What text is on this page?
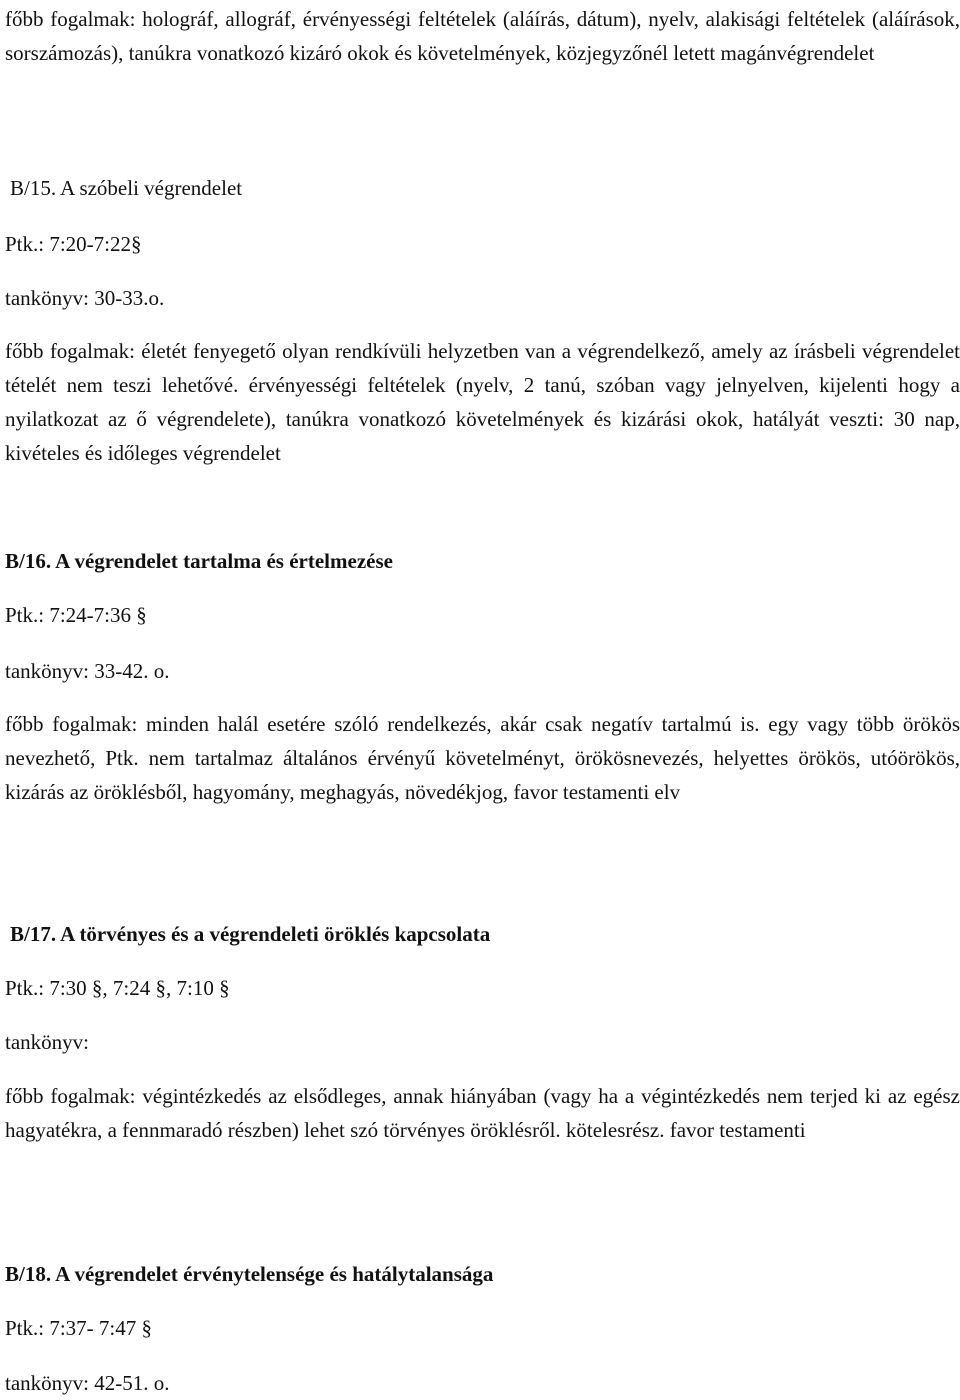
főbb fogalmak: holográf, allográf, érvényességi feltételek (aláírás, dátum), nyelv, alakisági feltételek (aláírások, sorszámozás), tanúkra vonatkozó kizáró okok és követelmények, közjegyzőnél letett magánvégrendelet

B/15. A szóbeli végrendelet

Ptk.: 7:20-7:22§

tankönyv: 30-33.o.

főbb fogalmak: életét fenyegető olyan rendkívüli helyzetben van a végrendelkező, amely az írásbeli végrendelet tételét nem teszi lehetővé. érvényességi feltételek (nyelv, 2 tanú, szóban vagy jelnyelven, kijelenti hogy a nyilatkozat az ő végrendelete), tanúkra vonatkozó követelmények és kizárási okok, hatályát veszti: 30 nap, kivételes és időleges végrendelet

B/16. A végrendelet tartalma és értelmezése

Ptk.: 7:24-7:36 §

tankönyv: 33-42. o.

főbb fogalmak: minden halál esetére szóló rendelkezés, akár csak negatív tartalmú is. egy vagy több örökös nevezhető, Ptk. nem tartalmaz általános érvényű követelményt, örökösnevezés, helyettes örökös, utóörökös, kizárás az öröklésből, hagyomány, meghagyás, növedékjog, favor testamenti elv

B/17. A törvényes és a végrendeleti öröklés kapcsolata

Ptk.: 7:30 §, 7:24 §, 7:10 §

tankönyv:

főbb fogalmak: végintézkedés az elsődleges, annak hiányában (vagy ha a végintézkedés nem terjed ki az egész hagyatékra, a fennmaradó részben) lehet szó törvényes öröklésről. kötelesrész. favor testamenti

B/18. A végrendelet érvénytelensége és hatálytalansága

Ptk.: 7:37- 7:47 §

tankönyv: 42-51. o.
